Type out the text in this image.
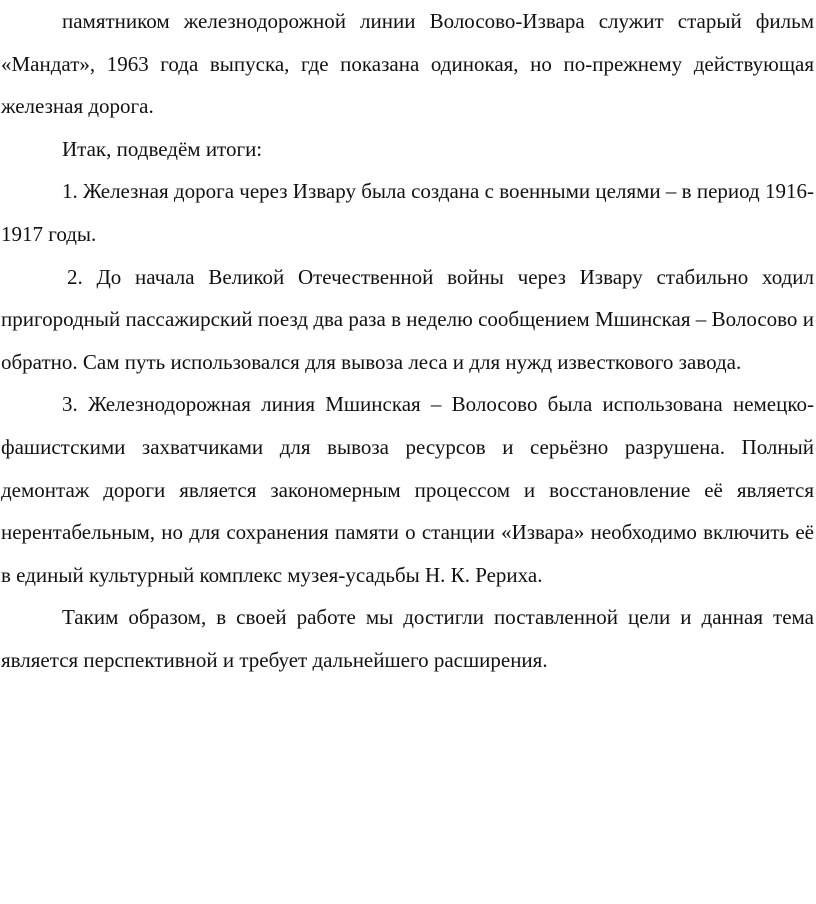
памятником железнодорожной линии Волосово-Извара служит старый фильм «Мандат», 1963 года выпуска, где показана одинокая, но по-прежнему действующая железная дорога.

Итак, подведём итоги:

1. Железная дорога через Извару была создана с военными целями – в период 1916-1917 годы.

2. До начала Великой Отечественной войны через Извару стабильно ходил пригородный пассажирский поезд два раза в неделю сообщением Мшинская – Волосово и обратно. Сам путь использовался для вывоза леса и для нужд известкового завода.

3. Железнодорожная линия Мшинская – Волосово была использована немецко-фашистскими захватчиками для вывоза ресурсов и серьёзно разрушена. Полный демонтаж дороги является закономерным процессом и восстановление её является нерентабельным, но для сохранения памяти о станции «Извара» необходимо включить её в единый культурный комплекс музея-усадьбы Н. К. Рериха.

Таким образом, в своей работе мы достигли поставленной цели и данная тема является перспективной и требует дальнейшего расширения.
